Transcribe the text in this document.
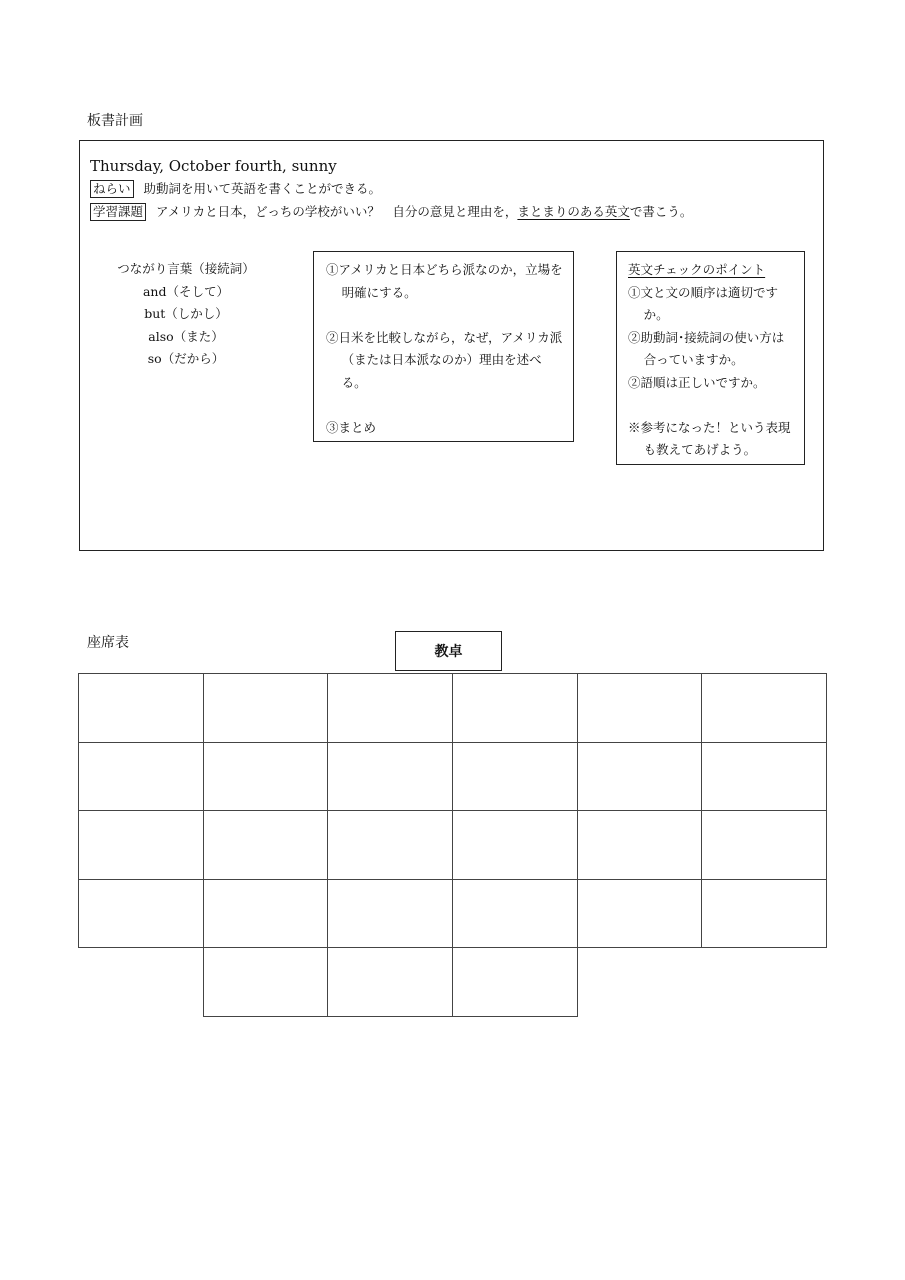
板書計画
Thursday, October fourth, sunny
ねらい 助動詞を用いて英語を書くことができる。
学習課題 アメリカと日本，どっちの学校がいい？　自分の意見と理由を，まとまりのある英文で書こう。
つながり言葉（接続詞）
and（そして）
but（しかし）
also（また）
so（だから）
①アメリカと日本どちら派なのか，立場を明確にする。
②日米を比較しながら，なぜ，アメリカ派（または日本派なのか）理由を述べる。
③まとめ
英文チェックのポイント
①文と文の順序は適切ですか。
②助動詞･接続詞の使い方は合っていますか。
②語順は正しいですか。
※参考になった！という表現も教えてあげよう。
座席表
教卓
